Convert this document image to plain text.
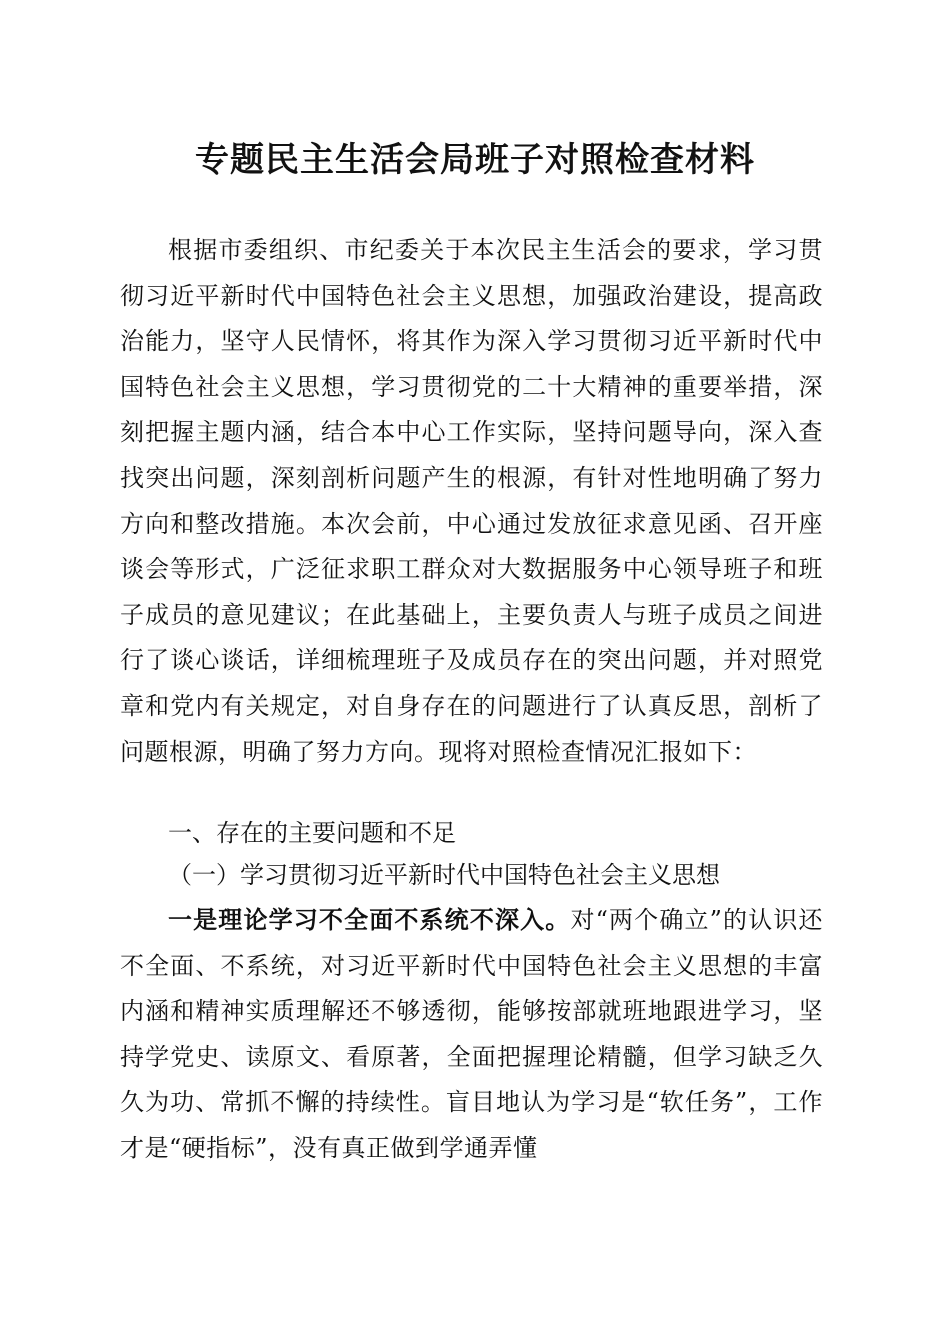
专题民主生活会局班子对照检查材料

根据市委组织、市纪委关于本次民主生活会的要求，学习贯彻习近平新时代中国特色社会主义思想，加强政治建设，提高政治能力，坚守人民情怀，将其作为深入学习贯彻习近平新时代中国特色社会主义思想，学习贯彻党的二十大精神的重要举措，深刻把握主题内涵，结合本中心工作实际，坚持问题导向，深入查找突出问题，深刻剖析问题产生的根源，有针对性地明确了努力方向和整改措施。本次会前，中心通过发放征求意见函、召开座谈会等形式，广泛征求职工群众对大数据服务中心领导班子和班子成员的意见建议；在此基础上，主要负责人与班子成员之间进行了谈心谈话，详细梳理班子及成员存在的突出问题，并对照党章和党内有关规定，对自身存在的问题进行了认真反思，剖析了问题根源，明确了努力方向。现将对照检查情况汇报如下：

一、存在的主要问题和不足

（一）学习贯彻习近平新时代中国特色社会主义思想

一是理论学习不全面不系统不深入。对“两个确立”的认识还不全面、不系统，对习近平新时代中国特色社会主义思想的丰富内涵和精神实质理解还不够透彻，能够按部就班地跟进学习，坚持学党史、读原文、看原著，全面把握理论精髓，但学习缺乏久久为功、常抓不懈的持续性。盲目地认为学习是“软任务”，工作才是“硬指标”，没有真正做到学通弄懂
